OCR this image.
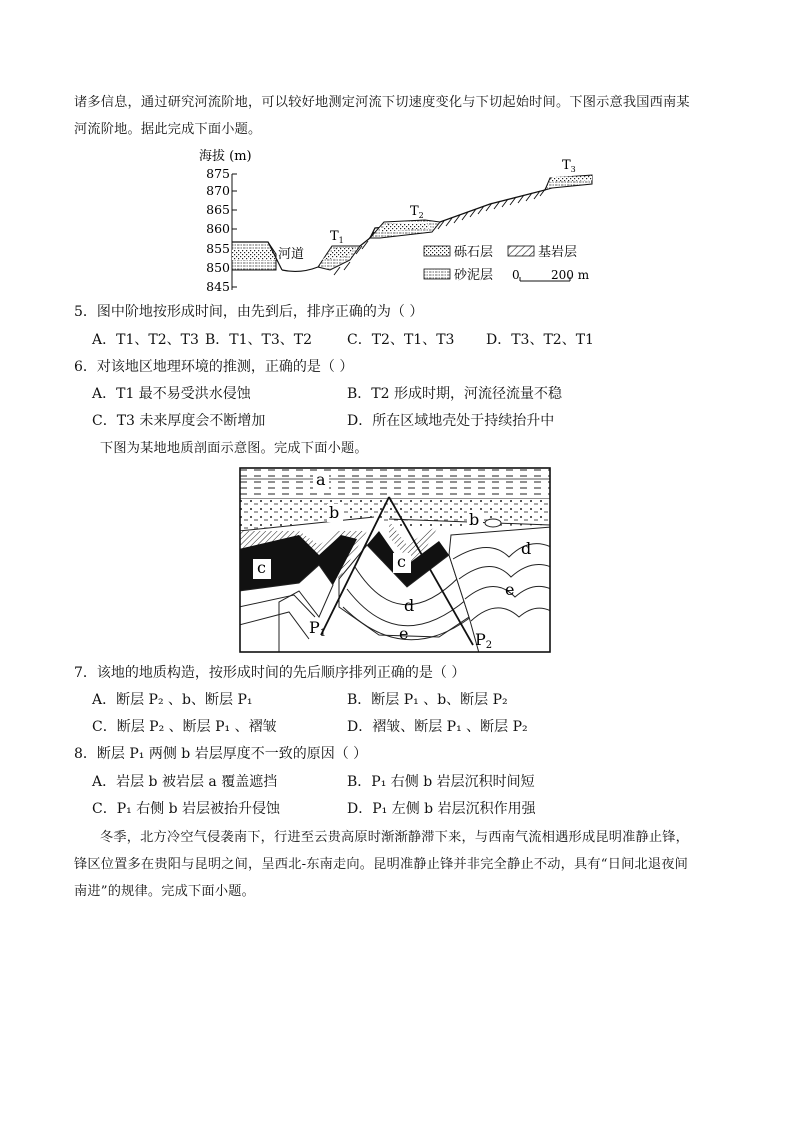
诸多信息，通过研究河流阶地，可以较好地测定河流下切速度变化与下切起始时间。下图示意我国西南某
河流阶地。据此完成下面小题。
海拔 (m)
875
870
865
860
855
850
845
河道
$T_1$
$T_2$
$T_3$
砾石层	基岩层
砂泥层 0	200 m
5．图中阶地按形成时间，由先到后，排序正确的为（ ）
A．T1、T2、T3 B．T1、T3、T2 C．T2、T1、T3 D．T3、T2、T1
6．对该地区地理环境的推测，正确的是（ ）
A．T1 最不易受洪水侵蚀	B．T2 形成时期，河流径流量不稳
C．T3 未来厚度会不断增加	D．所在区域地壳处于持续抬升中
下图为某地地质剖面示意图。完成下面小题。
a
b	b
c	c
d
d
e
e
P1	P2
7．该地的地质构造，按形成时间的先后顺序排列正确的是（ ）
A．断层 P₂ 、b、断层 P₁	B．断层 P₁ 、b、断层 P₂
C．断层 P₂ 、断层 P₁ 、褶皱	D．褶皱、断层 P₁ 、断层 P₂
8．断层 P₁ 两侧 b 岩层厚度不一致的原因（ ）
A．岩层 b 被岩层 a 覆盖遮挡	B．P₁ 右侧 b 岩层沉积时间短
C．P₁ 右侧 b 岩层被抬升侵蚀	D．P₁ 左侧 b 岩层沉积作用强
冬季，北方冷空气侵袭南下，行进至云贵高原时渐渐静滞下来，与西南气流相遇形成昆明准静止锋，
锋区位置多在贵阳与昆明之间，呈西北-东南走向。昆明准静止锋并非完全静止不动，具有“日间北退夜间
南进”的规律。完成下面小题。
